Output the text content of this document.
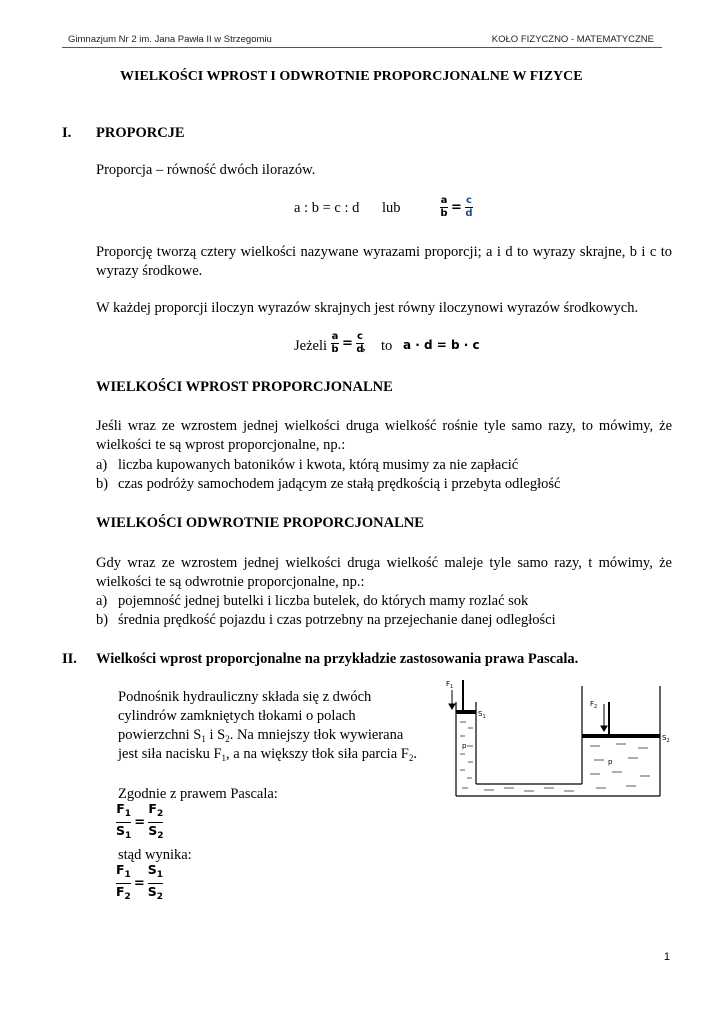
Gimnazjum Nr 2 im. Jana Pawła II w Strzegomiu	KOŁO FIZYCZNO - MATEMATYCZNE
WIELKOŚCI WPROST I ODWROTNIE PROPORCJONALNE W FIZYCE
I. PROPORCJE
Proporcja – równość dwóch ilorazów.
a : b = c : d lub	$\frac{a}{b} = \frac{c}{d}$
Proporcję tworzą cztery wielkości nazywane wyrazami proporcji; a i d to wyrazy skrajne, b i c to
wyrazy środkowe.
W każdej proporcji iloczyn wyrazów skrajnych jest równy iloczynowi wyrazów środkowych.
Jeżeli $\frac{a}{b} = \frac{c}{d}$
, to a · d = b · c
WIELKOŚCI WPROST PROPORCJONALNE
Jeśli wraz ze wzrostem jednej wielkości druga wielkość rośnie tyle samo razy, to mówimy, że
wielkości te są wprost proporcjonalne, np.:
a) liczba kupowanych batoników i kwota, którą musimy za nie zapłacić
b) czas podróży samochodem jadącym ze stałą prędkością i przebyta odległość
WIELKOŚCI ODWROTNIE PROPORCJONALNE
Gdy wraz ze wzrostem jednej wielkości druga wielkość maleje tyle samo razy, t mówimy, że
wielkości te są odwrotnie proporcjonalne, np.:
a) pojemność jednej butelki i liczba butelek, do których mamy rozlać sok
b) średnia prędkość pojazdu i czas potrzebny na przejechanie danej odległości
II. Wielkości wprost proporcjonalne na przykładzie zastosowania prawa Pascala.
Podnośnik hydrauliczny składa się z dwóch
cylindrów zamkniętych tłokami o polach
powierzchni $S_1$ i $S_2$. Na mniejszy tłok wywierana
jest siła nacisku $F_1$, a na większy tłok siła parcia $F_2$.
Zgodnie z prawem Pascala:
$\frac{F_1}{S_1} = \frac{F_2}{S_2}$
stąd wynika:
$\frac{F_1}{F_2} = \frac{S_1}{S_2}$
$F_1$
$F_2$
$S_1$
$S_2$
p
p
1
